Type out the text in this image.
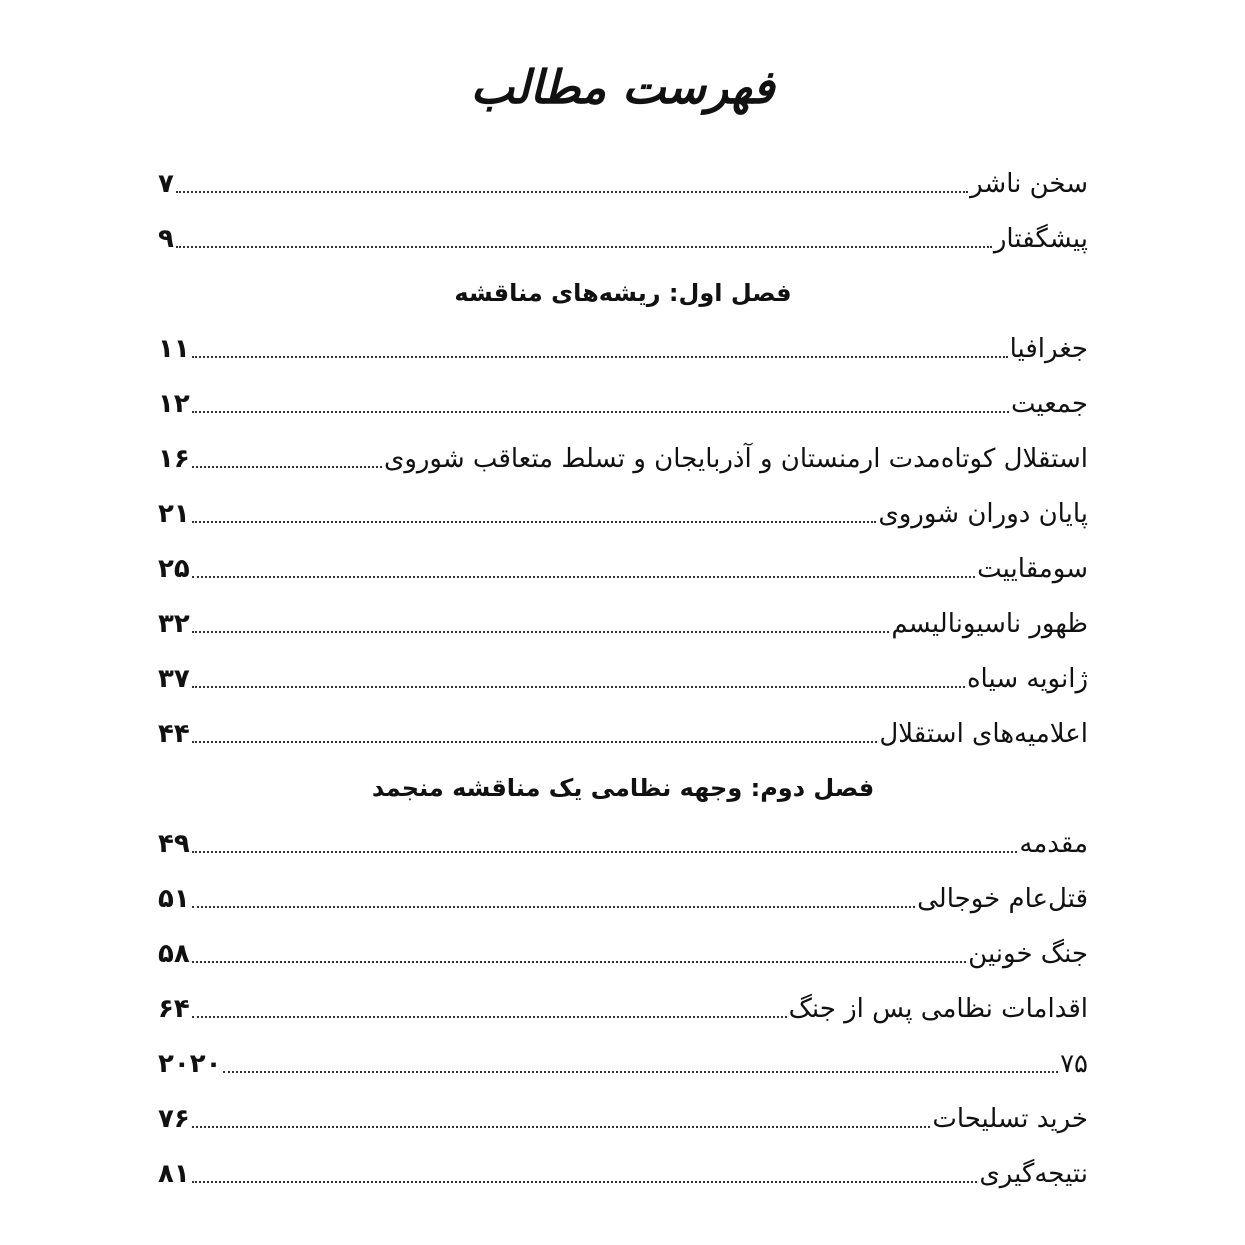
فهرست مطالب
سخن ناشر
۷
پیشگفتار
۹
فصل اول: ریشه‌های مناقشه
جغرافیا
۱۱
جمعیت
۱۲
استقلال کوتاه‌مدت ارمنستان و آذربایجان و تسلط متعاقب شوروی
۱۶
پایان دوران شوروی
۲۱
سومقاییت
۲۵
ظهور ناسیونالیسم
۳۲
ژانویه سیاه
۳۷
اعلامیه‌های استقلال
۴۴
فصل دوم: وجهه نظامی یک مناقشه منجمد
مقدمه
۴۹
قتل‌عام خوجالی
۵۱
جنگ خونین
۵۸
اقدامات نظامی پس از جنگ
۶۴
۷۵
۲۰۲۰
خرید تسلیحات
۷۶
نتیجه‌گیری
۸۱
